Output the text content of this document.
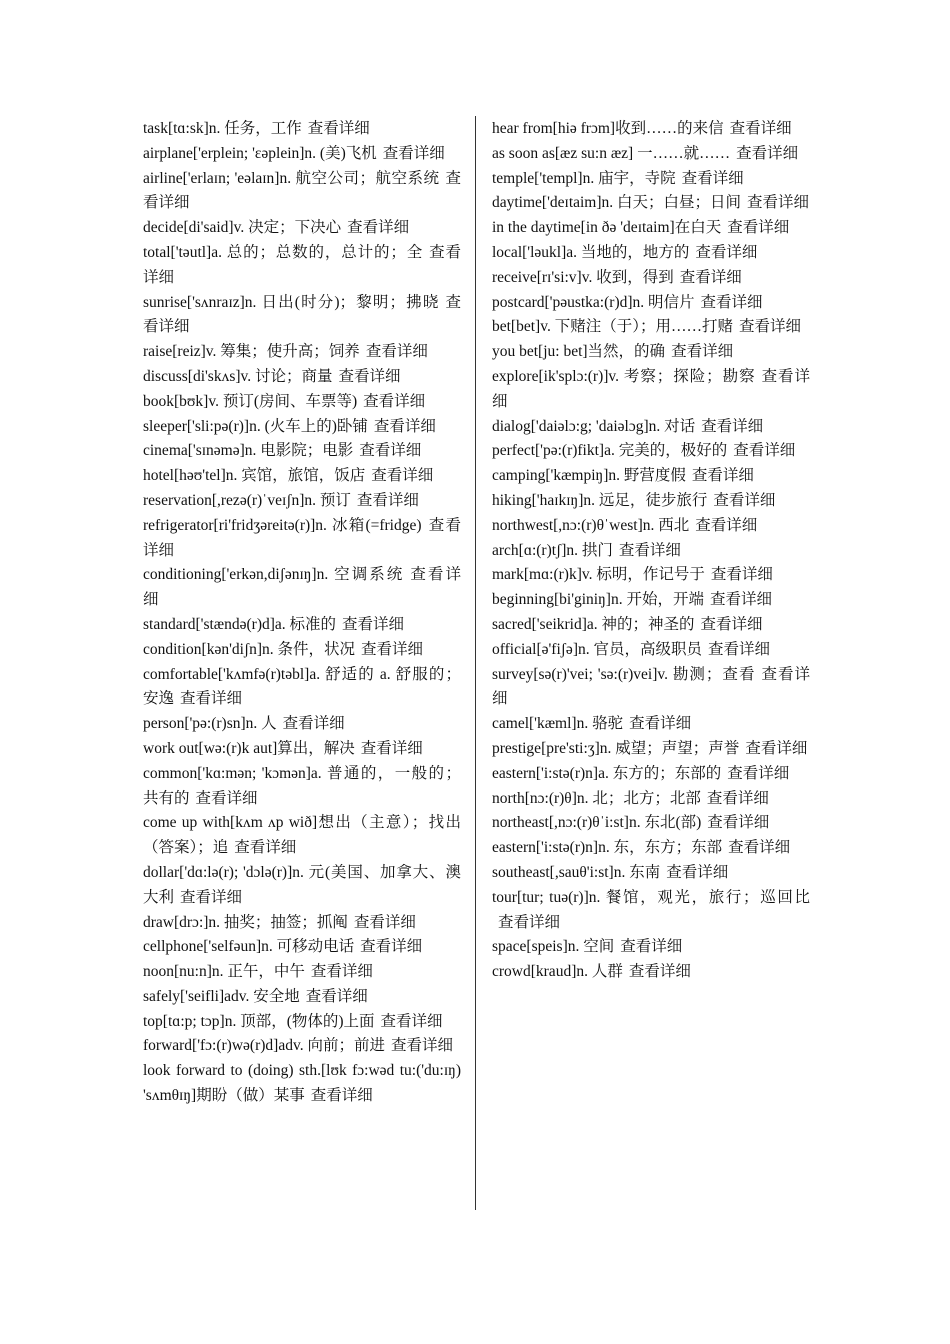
task[tɑ:sk]n. 任务，工作 查看详细

airplane['erplein; 'ɛəplein]n. (美)飞机 查看详细

airline['erlaɪn; 'eəlaɪn]n. 航空公司；航空系统 查看详细

decide[di'said]v. 决定；下决心 查看详细

total['təutl]a. 总的；总数的，总计的；全 查看详细

sunrise['sʌnraɪz]n. 日出(时分)；黎明；拂晓 查看详细

raise[reiz]v. 筹集；使升高；饲养 查看详细

discuss[di'skʌs]v. 讨论；商量 查看详细

book[bʊk]v. 预订(房间、车票等) 查看详细

sleeper['sli:pə(r)]n. (火车上的)卧铺 查看详细

cinema['sɪnəmə]n. 电影院；电影 查看详细

hotel[həʊ'tel]n. 宾馆，旅馆，饭店 查看详细

reservation[,rezə(r)ˈveɪʃn]n. 预订 查看详细

refrigerator[ri'fridʒəreitə(r)]n. 冰箱(=fridge) 查看详细

conditioning['erkən,diʃənɪŋ]n. 空调系统 查看详细

standard['stændə(r)d]a. 标准的 查看详细

condition[kən'diʃn]n. 条件，状况 查看详细

comfortable['kʌmfə(r)təbl]a. 舒适的 a. 舒服的；安逸 查看详细

person['pə:(r)sn]n. 人 查看详细

work out[wə:(r)k aut]算出，解决 查看详细

common['kɑ:mən; 'kɔmən]a. 普通的，一般的；共有的 查看详细

come up with[kʌm ʌp wið]想出（主意）；找出（答案）；追 查看详细

dollar['dɑ:lə(r); 'dɔlə(r)]n. 元(美国、加拿大、澳大利 查看详细

draw[drɔ:]n. 抽奖；抽签；抓阄 查看详细

cellphone['selfəun]n. 可移动电话 查看详细

noon[nu:n]n. 正午，中午 查看详细

safely['seifli]adv. 安全地 查看详细

top[tɑ:p; tɔp]n. 顶部，(物体的)上面 查看详细

forward['fɔ:(r)wə(r)d]adv. 向前；前进 查看详细

look forward to (doing) sth.[lʊk fɔ:wəd tu:('du:ɪŋ) 'sʌmθɪŋ]期盼（做）某事 查看详细

hear from[hiə frɔm]收到……的来信 查看详细

as soon as[æz su:n æz] 一……就…… 查看详细

temple['templ]n. 庙宇，寺院 查看详细

daytime['deɪtaim]n. 白天；白昼；日间 查看详细

in the daytime[in ðə 'deɪtaim]在白天 查看详细

local['ləukl]a. 当地的，地方的 查看详细

receive[rɪ'si:v]v. 收到，得到 查看详细

postcard['pəustka:(r)d]n. 明信片 查看详细

bet[bet]v. 下赌注（于）；用……打赌 查看详细

you bet[ju: bet]当然，的确 查看详细

explore[ik'splɔ:(r)]v. 考察；探险；勘察 查看详细

dialog['daiəlɔ:g; 'daiəlɔg]n. 对话 查看详细

perfect['pə:(r)fikt]a. 完美的，极好的 查看详细

camping['kæmpiŋ]n. 野营度假 查看详细

hiking['haɪkɪŋ]n. 远足，徒步旅行 查看详细

northwest[,nɔ:(r)θˈwest]n. 西北 查看详细

arch[ɑ:(r)tʃ]n. 拱门 查看详细

mark[mɑ:(r)k]v. 标明，作记号于 查看详细

beginning[bi'giniŋ]n. 开始，开端 查看详细

sacred['seikrid]a. 神的；神圣的 查看详细

official[ə'fiʃə]n. 官员，高级职员 查看详细

survey[sə(r)'vei; 'sə:(r)vei]v. 勘测；查看 查看详细

camel['kæml]n. 骆驼 查看详细

prestige[pre'sti:ʒ]n. 威望；声望；声誉 查看详细

eastern['i:stə(r)n]a. 东方的；东部的 查看详细

north[nɔ:(r)θ]n. 北；北方；北部 查看详细

northeast[,nɔ:(r)θˈi:st]n. 东北(部) 查看详细

eastern['i:stə(r)n]n. 东，东方；东部 查看详细

southeast[,sauθ'i:st]n. 东南 查看详细

tour[tur; tuə(r)]n. 餐馆，观光，旅行；巡回比查看详细

space[speis]n. 空间 查看详细

crowd[kraud]n. 人群 查看详细
